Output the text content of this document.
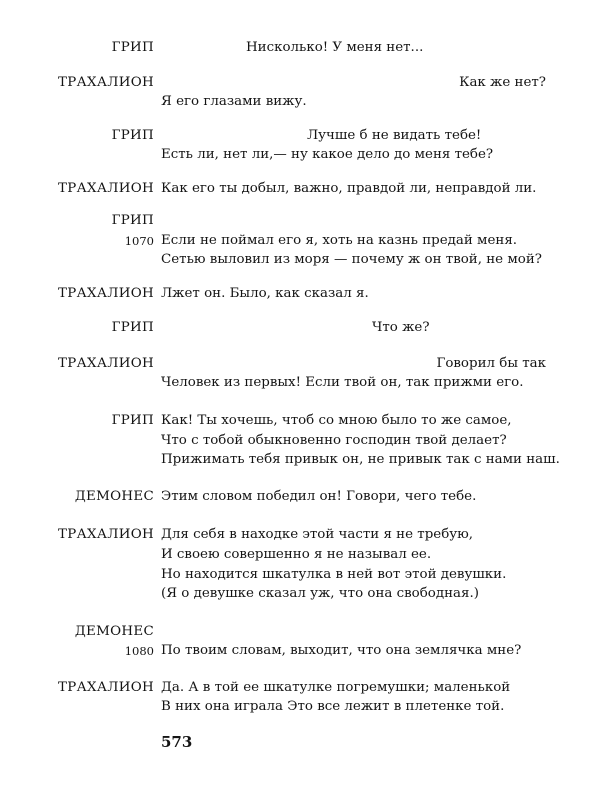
ГРИП	Нисколько! У меня нет...
ТРАХАЛИОН	Как же нет?
Я его глазами вижу.
ГРИП	Лучше б не видать тебе!
Есть ли, нет ли,— ну какое дело до меня тебе?
ТРАХАЛИОН Как его ты добыл, важно, правдой ли, неправдой ли.
ГРИП
1070 Если не поймал его я, хоть на казнь предай меня.
Сетью выловил из моря — почему ж он твой, не мой?
ТРАХАЛИОН Лжет он. Было, как сказал я.
ГРИП	Что же?
ТРАХАЛИОН	Говорил бы так
Человек из первых! Если твой он, так прижми его.
ГРИП Как! Ты хочешь, чтоб со мною было то же самое,
Что с тобой обыкновенно господин твой делает?
Прижимать тебя привык он, не привык так с нами наш.
ДЕМОНЕС Этим словом победил он! Говори, чего тебе.
ТРАХАЛИОН Для себя в находке этой части я не требую,
И своею совершенно я не называл ее.
Но находится шкатулка в ней вот этой девушки.
(Я о девушке сказал уж, что она свободная.)
ДЕМОНЕС
1080 По твоим словам, выходит, что она землячка мне?
ТРАХАЛИОН Да. А в той ее шкатулке погремушки; маленькой
В них она играла Это все лежит в плетенке той.
573
